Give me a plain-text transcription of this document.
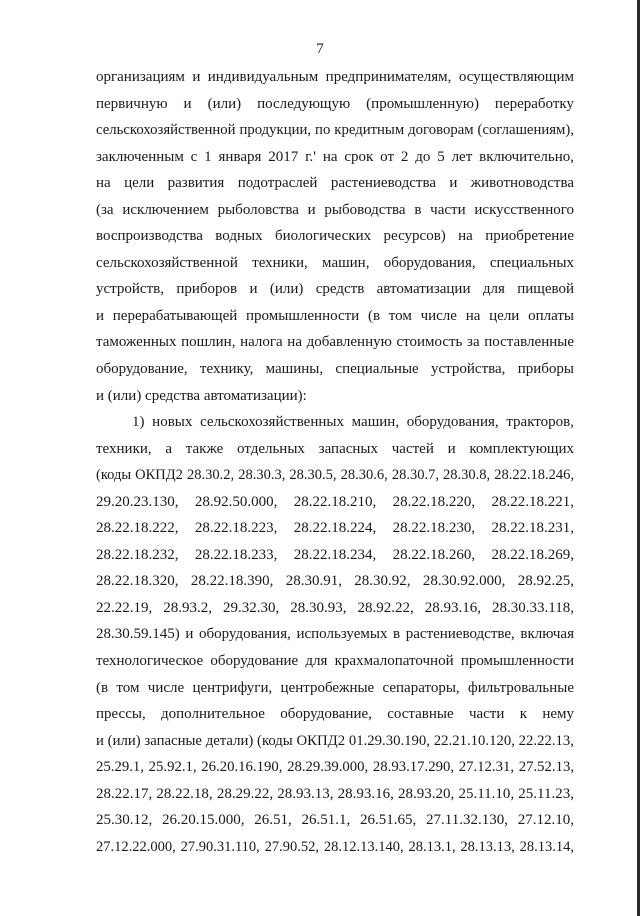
7
организациям и индивидуальным предпринимателям, осуществляющим
первичную и (или) последующую (промышленную) переработку
сельскохозяйственной продукции, по кредитным договорам (соглашениям),
заключенным с 1 января 2017 г.' на срок от 2 до 5 лет включительно,
на цели развития подотраслей растениеводства и животноводства
(за исключением рыболовства и рыбоводства в части искусственного
воспроизводства водных биологических ресурсов) на приобретение
сельскохозяйственной техники, машин, оборудования, специальных
устройств, приборов и (или) средств автоматизации для пищевой
и перерабатывающей промышленности (в том числе на цели оплаты
таможенных пошлин, налога на добавленную стоимость за поставленные
оборудование, технику, машины, специальные устройства, приборы
и (или) средства автоматизации):
1) новых сельскохозяйственных машин, оборудования, тракторов,
техники, а также отдельных запасных частей и комплектующих
(коды ОКПД2 28.30.2, 28.30.3, 28.30.5, 28.30.6, 28.30.7, 28.30.8, 28.22.18.246,
29.20.23.130, 28.92.50.000, 28.22.18.210, 28.22.18.220, 28.22.18.221,
28.22.18.222, 28.22.18.223, 28.22.18.224, 28.22.18.230, 28.22.18.231,
28.22.18.232, 28.22.18.233, 28.22.18.234, 28.22.18.260, 28.22.18.269,
28.22.18.320, 28.22.18.390, 28.30.91, 28.30.92, 28.30.92.000, 28.92.25,
22.22.19, 28.93.2, 29.32.30, 28.30.93, 28.92.22, 28.93.16, 28.30.33.118,
28.30.59.145) и оборудования, используемых в растениеводстве, включая
технологическое оборудование для крахмалопаточной промышленности
(в том числе центрифуги, центробежные сепараторы, фильтровальные
прессы, дополнительное оборудование, составные части к нему
и (или) запасные детали) (коды ОКПД2 01.29.30.190, 22.21.10.120, 22.22.13,
25.29.1, 25.92.1, 26.20.16.190, 28.29.39.000, 28.93.17.290, 27.12.31, 27.52.13,
28.22.17, 28.22.18, 28.29.22, 28.93.13, 28.93.16, 28.93.20, 25.11.10, 25.11.23,
25.30.12, 26.20.15.000, 26.51, 26.51.1, 26.51.65, 27.11.32.130, 27.12.10,
27.12.22.000, 27.90.31.110, 27.90.52, 28.12.13.140, 28.13.1, 28.13.13, 28.13.14,
